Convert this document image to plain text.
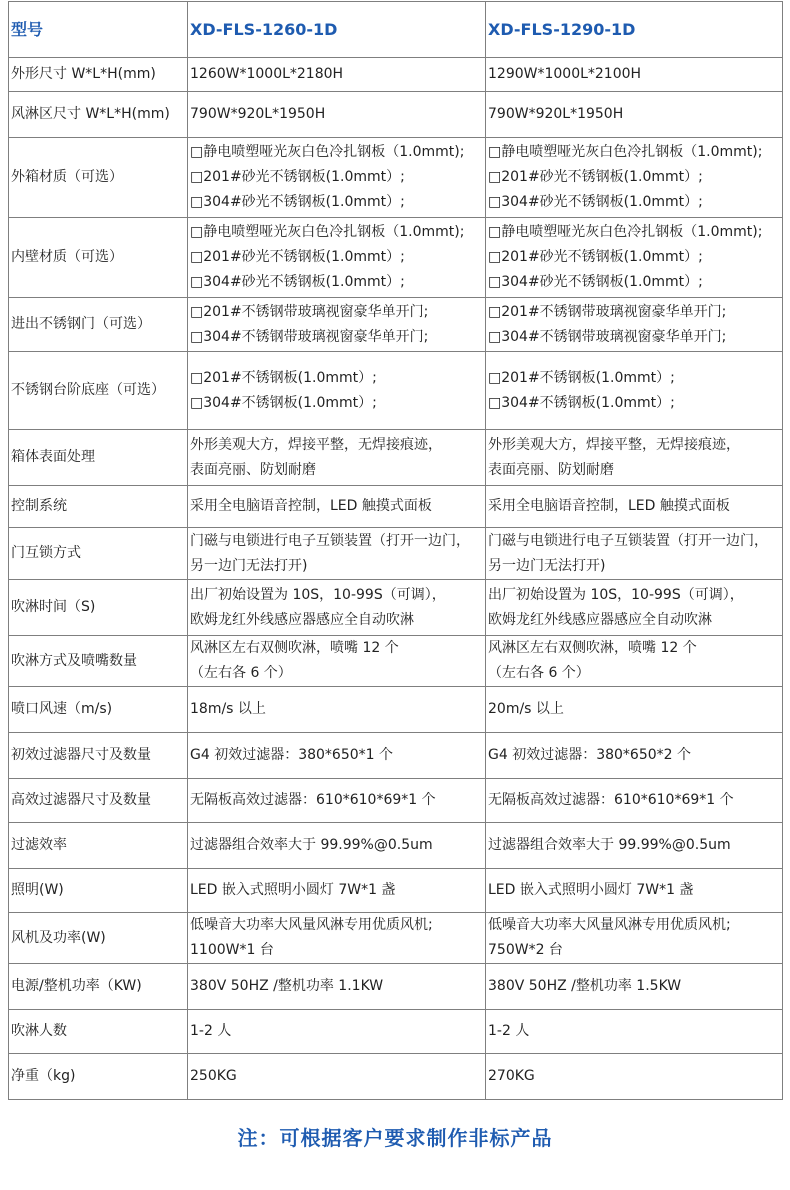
型号	XD-FLS-1260-1D	XD-FLS-1290-1D
外形尺寸 W*L*H(mm)	1260W*1000L*2180H	1290W*1000L*2100H

风淋区尺寸 W*L*H(mm)	790W*920L*1950H	790W*920L*1950H

外箱材质（可选）	□静电喷塑哑光灰白色冷扎钢板（1.0mmt);
□201#砂光不锈钢板(1.0mmt）;
□304#砂光不锈钢板(1.0mmt）;	□静电喷塑哑光灰白色冷扎钢板（1.0mmt);
□201#砂光不锈钢板(1.0mmt）;
□304#砂光不锈钢板(1.0mmt）;

内壁材质（可选）	□静电喷塑哑光灰白色冷扎钢板（1.0mmt);
□201#砂光不锈钢板(1.0mmt）;
□304#砂光不锈钢板(1.0mmt）;	□静电喷塑哑光灰白色冷扎钢板（1.0mmt);
□201#砂光不锈钢板(1.0mmt）;
□304#砂光不锈钢板(1.0mmt）;

进出不锈钢门（可选）	□201#不锈钢带玻璃视窗豪华单开门;
□304#不锈钢带玻璃视窗豪华单开门;	□201#不锈钢带玻璃视窗豪华单开门;
□304#不锈钢带玻璃视窗豪华单开门;

不锈钢台阶底座（可选）	□201#不锈钢板(1.0mmt）;
□304#不锈钢板(1.0mmt）;	□201#不锈钢板(1.0mmt）;
□304#不锈钢板(1.0mmt）;

箱体表面处理	外形美观大方，焊接平整，无焊接痕迹，
表面亮丽、防划耐磨	外形美观大方，焊接平整，无焊接痕迹，
表面亮丽、防划耐磨

控制系统	采用全电脑语音控制，LED 触摸式面板	采用全电脑语音控制，LED 触摸式面板

门互锁方式	门磁与电锁进行电子互锁装置（打开一边门，
另一边门无法打开)	门磁与电锁进行电子互锁装置（打开一边门，
另一边门无法打开)

吹淋时间（S)	出厂初始设置为 10S，10-99S（可调），
欧姆龙红外线感应器感应全自动吹淋	出厂初始设置为 10S，10-99S（可调），
欧姆龙红外线感应器感应全自动吹淋

吹淋方式及喷嘴数量	风淋区左右双侧吹淋，喷嘴 12 个
（左右各 6 个）	风淋区左右双侧吹淋，喷嘴 12 个
（左右各 6 个）

喷口风速（m/s)	18m/s 以上	20m/s 以上

初效过滤器尺寸及数量	G4 初效过滤器：380*650*1 个	G4 初效过滤器：380*650*2 个

高效过滤器尺寸及数量	无隔板高效过滤器：610*610*69*1 个	无隔板高效过滤器：610*610*69*1 个

过滤效率	过滤器组合效率大于 99.99%@0.5um	过滤器组合效率大于 99.99%@0.5um

照明(W)	LED 嵌入式照明小圆灯 7W*1 盏	LED 嵌入式照明小圆灯 7W*1 盏

风机及功率(W)	低噪音大功率大风量风淋专用优质风机;
1100W*1 台	低噪音大功率大风量风淋专用优质风机;
750W*2 台

电源/整机功率（KW)	380V 50HZ /整机功率 1.1KW	380V 50HZ /整机功率 1.5KW

吹淋人数	1-2 人	1-2 人

净重（kg)	250KG	270KG
注：可根据客户要求制作非标产品
